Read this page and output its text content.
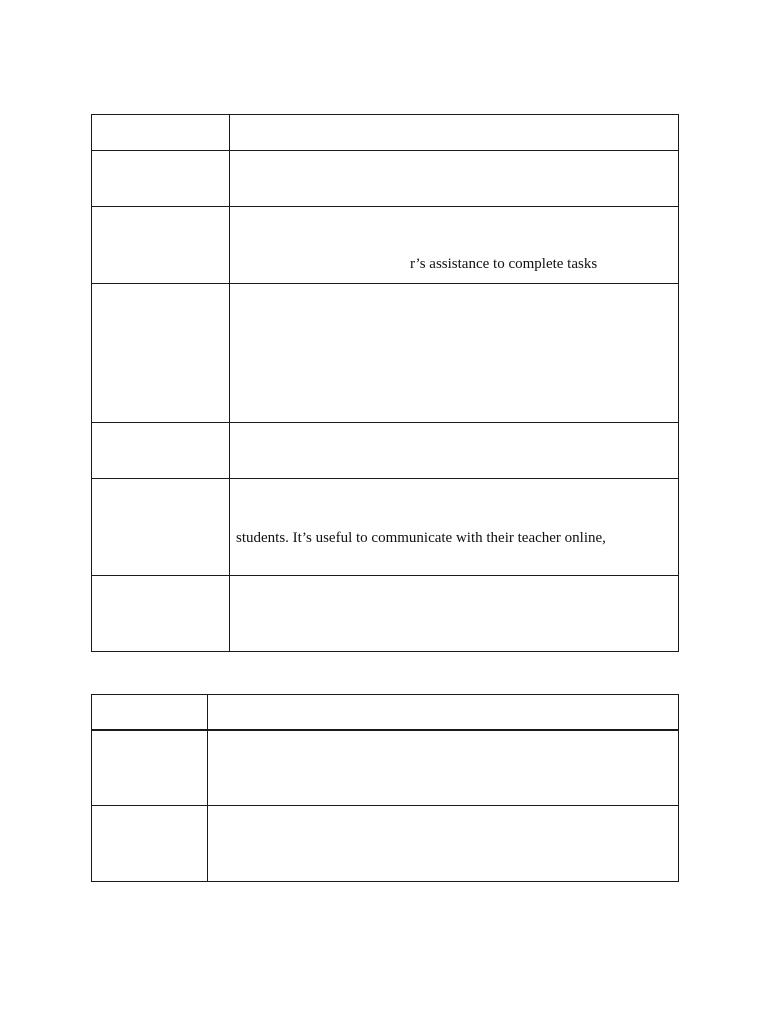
	r’s assistance to complete tasks

	students. It’s useful to communicate with their teacher online,
